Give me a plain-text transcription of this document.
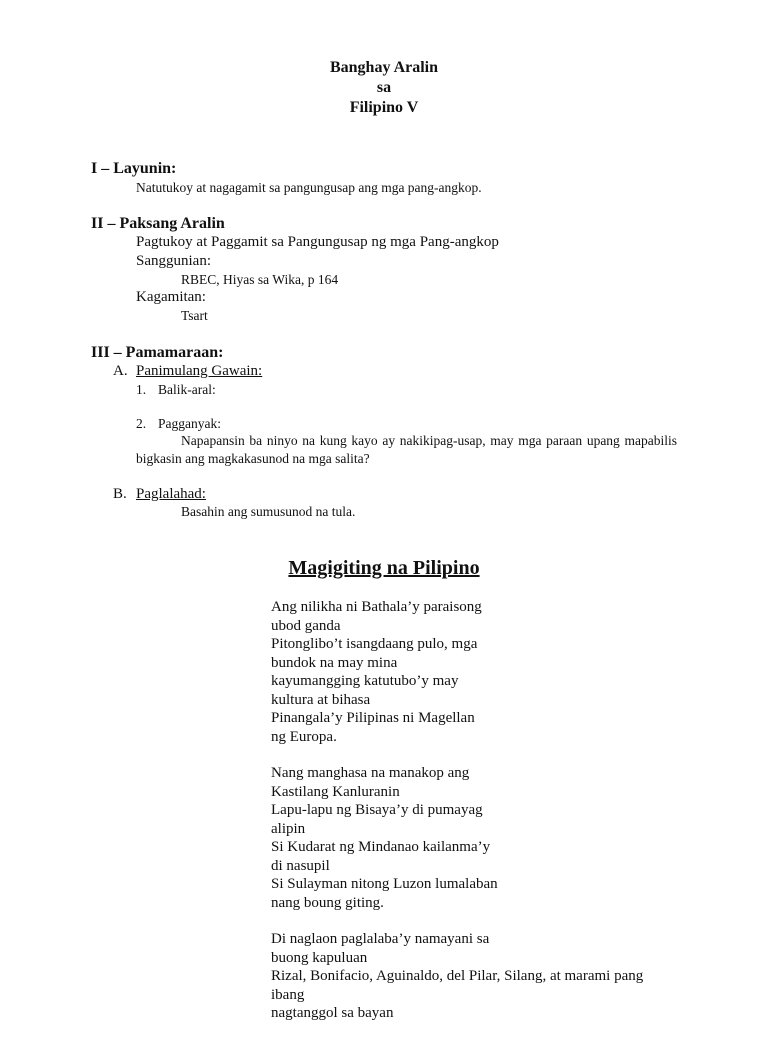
Banghay Aralin
sa
Filipino V
I – Layunin:
Natutukoy at nagagamit sa pangungusap ang mga pang-angkop.
II – Paksang Aralin
Pagtukoy at Paggamit sa Pangungusap ng mga Pang-angkop
Sanggunian:
RBEC, Hiyas sa Wika, p 164
Kagamitan:
Tsart
III – Pamamaraan:
A. Panimulang Gawain:
1. Balik-aral:
2. Pagganyak:
Napapansin ba ninyo na kung kayo ay nakikipag-usap, may mga paraan upang mapabilis bigkasin ang magkakasunod na mga salita?
B. Paglalahad:
Basahin ang sumusunod na tula.
Magigiting na Pilipino
Ang nilikha ni Bathala’y paraisong
ubod ganda
Pitonglibo’t isangdaang pulo, mga
bundok na may mina
kayumangging katutubo’y may
kultura at bihasa
Pinangala’y Pilipinas ni Magellan
ng Europa.
Nang manghasa na manakop ang
Kastilang Kanluranin
Lapu-lapu ng Bisaya’y di pumayag
alipin
Si Kudarat ng Mindanao kailanma’y
di nasupil
Si Sulayman nitong Luzon lumalaban
nang boung giting.
Di naglaon paglalaba’y namayani sa
buong kapuluan
Rizal, Bonifacio, Aguinaldo, del Pilar, Silang, at marami pang
ibang
nagtanggol sa bayan
